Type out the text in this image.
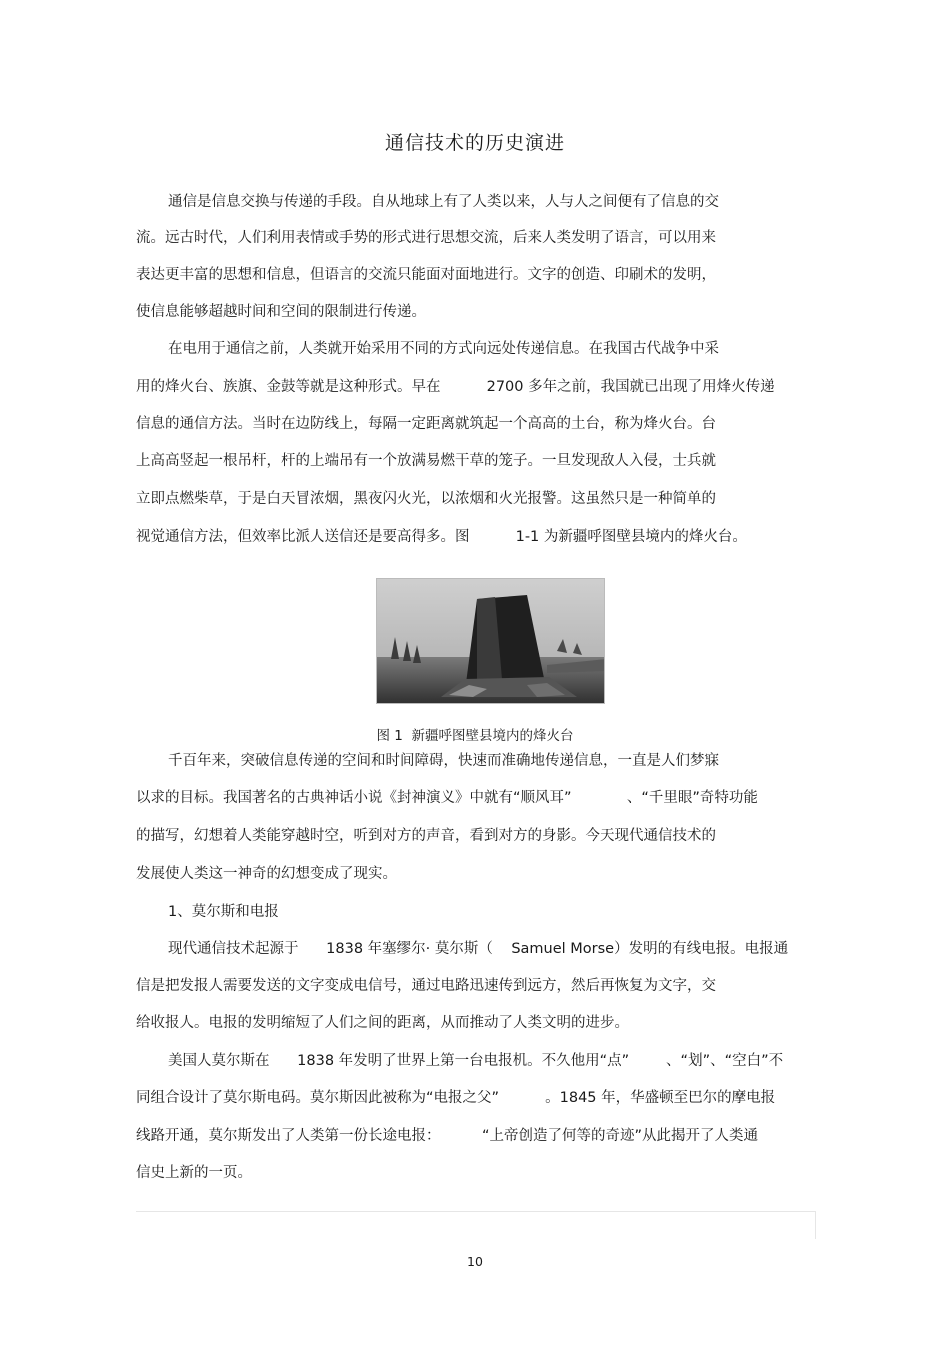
通信技术的历史演进
通信是信息交换与传递的手段。自从地球上有了人类以来，人与人之间便有了信息的交
流。远古时代，人们利用表情或手势的形式进行思想交流，后来人类发明了语言，可以用来
表达更丰富的思想和信息，但语言的交流只能面对面地进行。文字的创造、印刷术的发明，
使信息能够超越时间和空间的限制进行传递。
在电用于通信之前，人类就开始采用不同的方式向远处传递信息。在我国古代战争中采
用的烽火台、族旗、金鼓等就是这种形式。早在          2700 多年之前，我国就已出现了用烽火传递
信息的通信方法。当时在边防线上，每隔一定距离就筑起一个高高的土台，称为烽火台。台
上高高竖起一根吊杆，杆的上端吊有一个放满易燃干草的笼子。一旦发现敌人入侵，士兵就
立即点燃柴草，于是白天冒浓烟，黑夜闪火光，以浓烟和火光报警。这虽然只是一种简单的
视觉通信方法，但效率比派人送信还是要高得多。图          1-1 为新疆呼图壁县境内的烽火台。
千百年来，突破信息传递的空间和时间障碍，快速而准确地传递信息，一直是人们梦寐
以求的目标。我国著名的古典神话小说《封神演义》中就有“顺风耳”            、“千里眼”奇特功能
的描写，幻想着人类能穿越时空，听到对方的声音，看到对方的身影。今天现代通信技术的
发展使人类这一神奇的幻想变成了现实。
1、莫尔斯和电报
现代通信技术起源于      1838 年塞缪尔· 莫尔斯（    Samuel Morse）发明的有线电报。电报通
信是把发报人需要发送的文字变成电信号，通过电路迅速传到远方，然后再恢复为文字，交
给收报人。电报的发明缩短了人们之间的距离，从而推动了人类文明的进步。
美国人莫尔斯在      1838 年发明了世界上第一台电报机。不久他用“点”        、“划”、“空白”不
同组合设计了莫尔斯电码。莫尔斯因此被称为“电报之父”          。1845 年，华盛顿至巴尔的摩电报
线路开通，莫尔斯发出了人类第一份长途电报：         “上帝创造了何等的奇迹”从此揭开了人类通
信史上新的一页。
图 1  新疆呼图壁县境内的烽火台
10
